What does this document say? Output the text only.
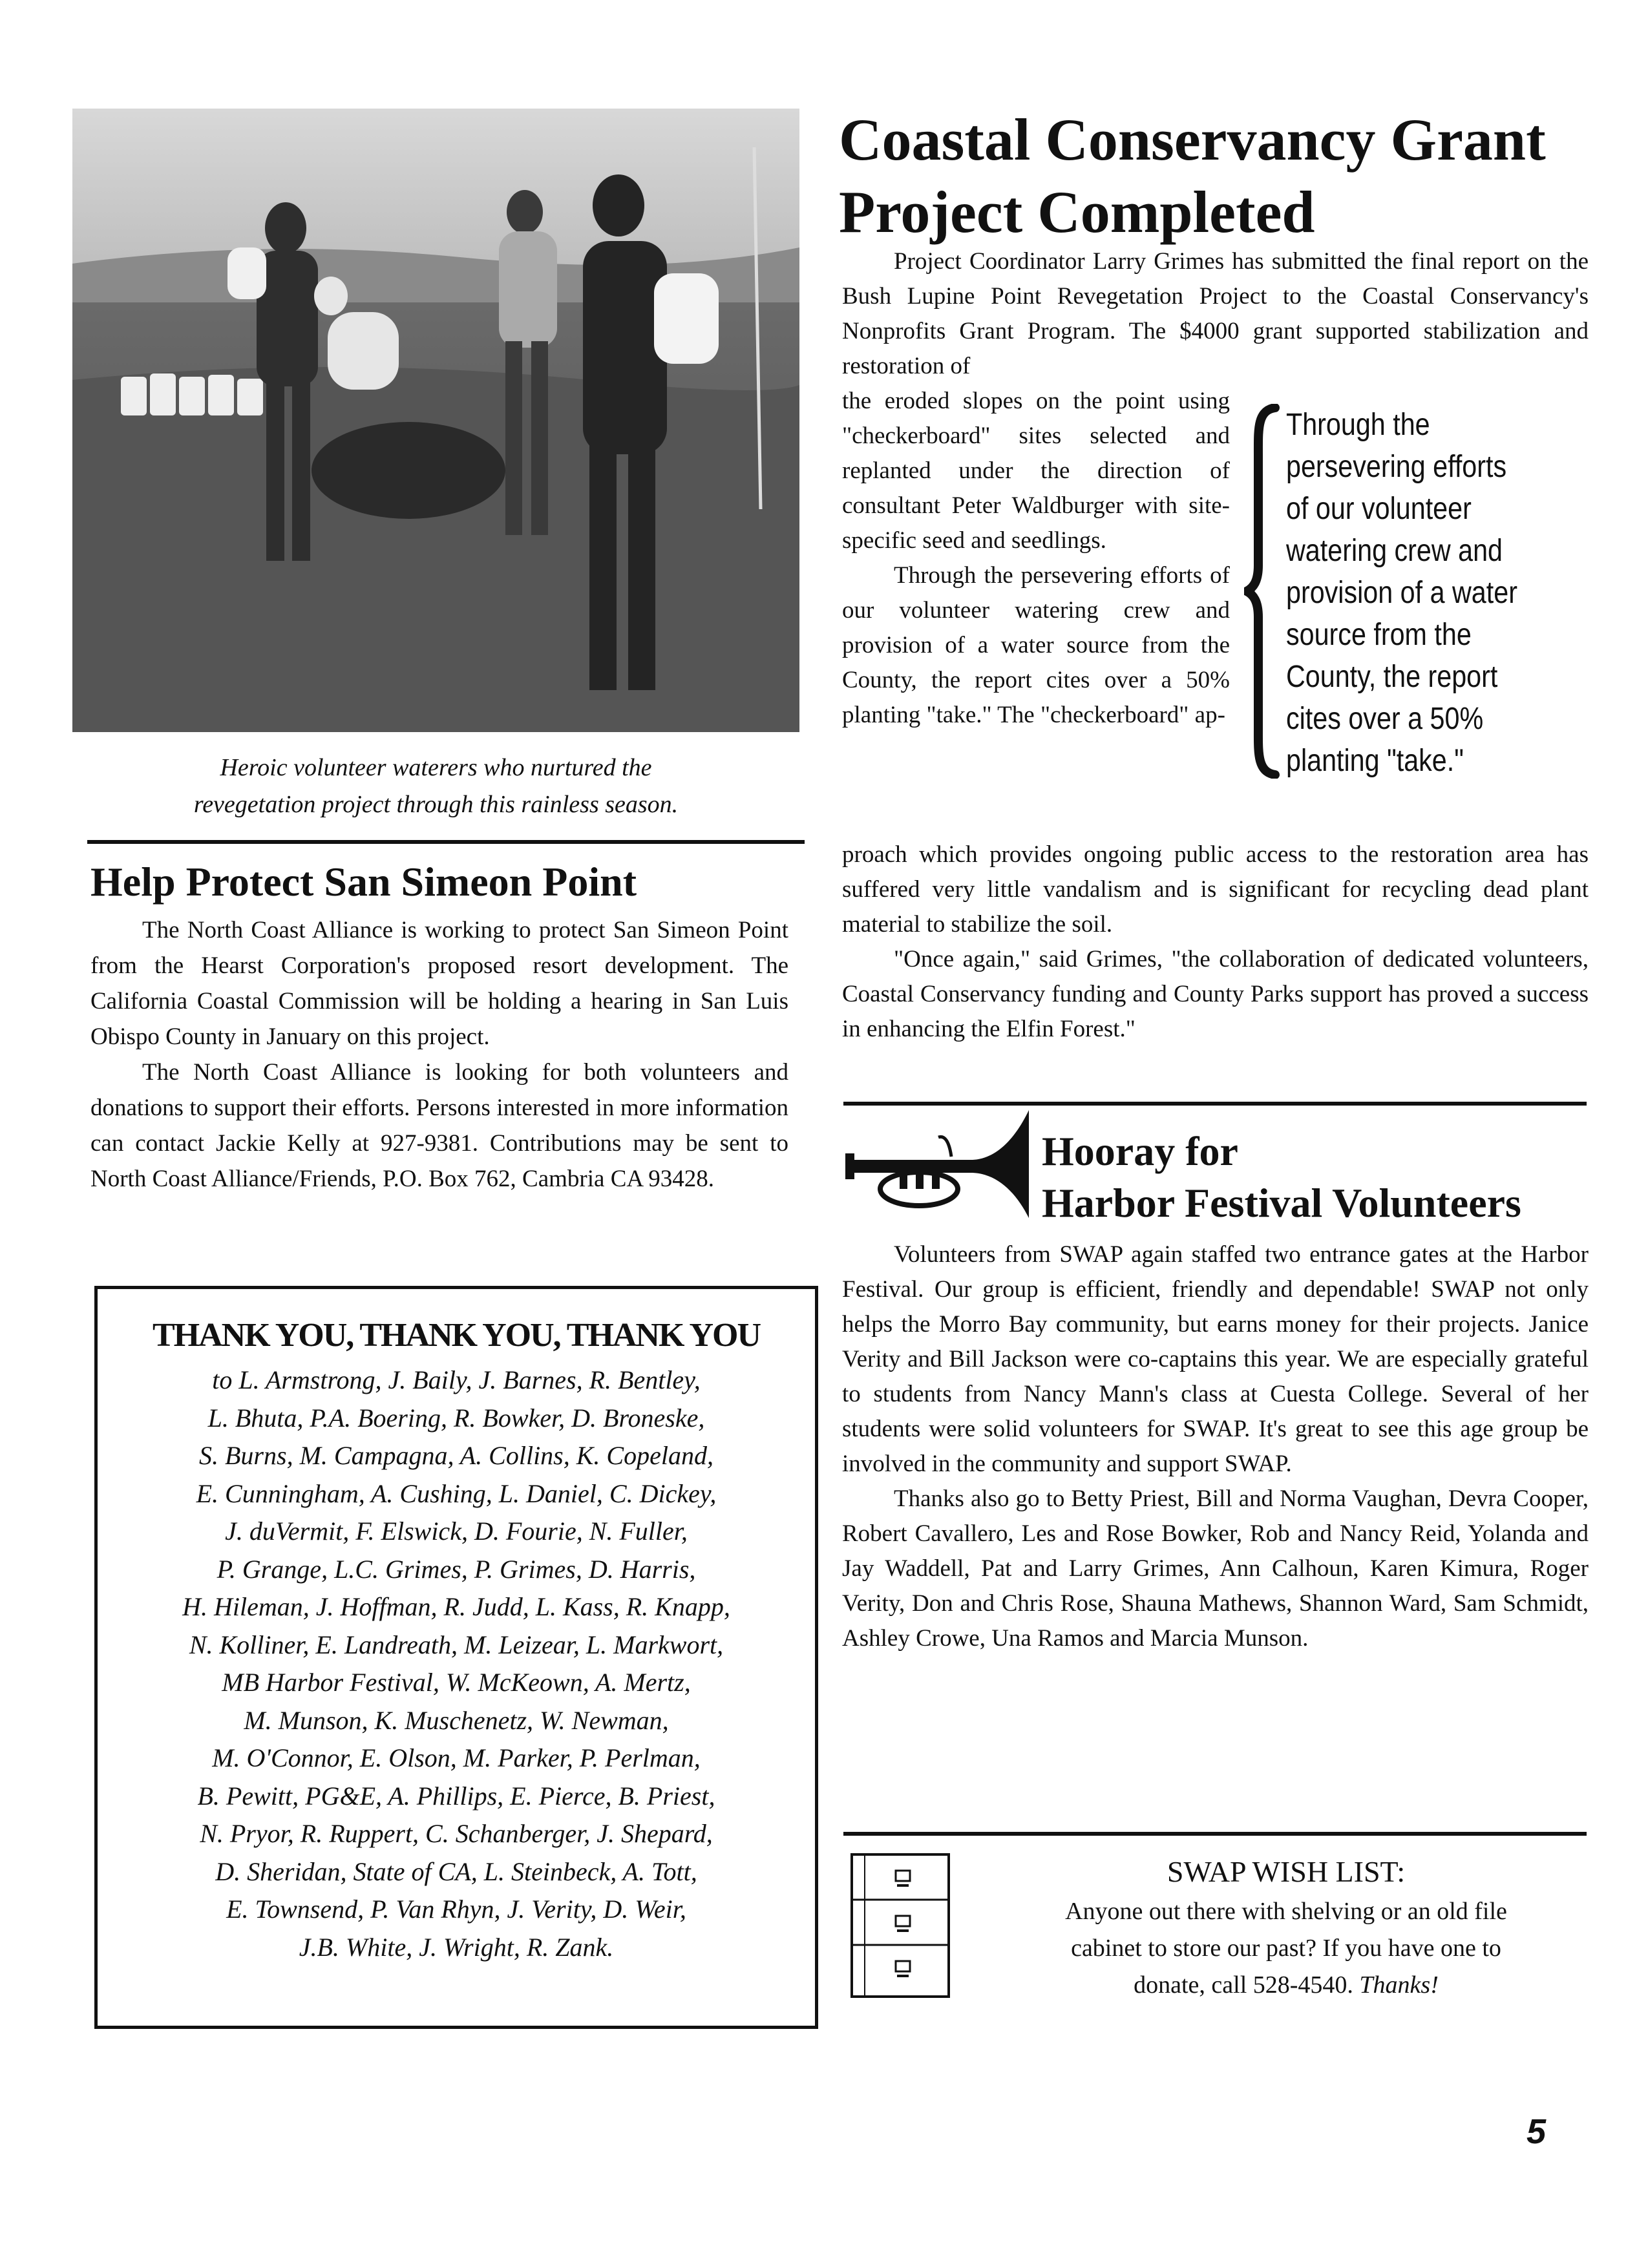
Heroic volunteer waterers who nurtured the
revegetation project through this rainless season.
Help Protect San Simeon Point

The North Coast Alliance is working to protect San Simeon Point from the Hearst Corporation's proposed resort development. The California Coastal Commission will be holding a hearing in San Luis Obispo County in January on this project.

The North Coast Alliance is looking for both volunteers and donations to support their efforts. Persons interested in more information can contact Jackie Kelly at 927-9381. Contributions may be sent to North Coast Alliance/Friends, P.O. Box 762, Cambria CA 93428.

THANK YOU, THANK YOU, THANK YOU
to L. Armstrong, J. Baily, J. Barnes, R. Bentley,
L. Bhuta, P.A. Boering, R. Bowker, D. Broneske,
S. Burns, M. Campagna, A. Collins, K. Copeland,
E. Cunningham, A. Cushing, L. Daniel, C. Dickey,
J. duVermit, F. Elswick, D. Fourie, N. Fuller,
P. Grange, L.C. Grimes, P. Grimes, D. Harris,
H. Hileman, J. Hoffman, R. Judd, L. Kass, R. Knapp,
N. Kolliner, E. Landreath, M. Leizear, L. Markwort,
MB Harbor Festival, W. McKeown, A. Mertz,
M. Munson, K. Muschenetz, W. Newman,
M. O'Connor, E. Olson, M. Parker, P. Perlman,
B. Pewitt, PG&E, A. Phillips, E. Pierce, B. Priest,
N. Pryor, R. Ruppert, C. Schanberger, J. Shepard,
D. Sheridan, State of CA, L. Steinbeck, A. Tott,
E. Townsend, P. Van Rhyn, J. Verity, D. Weir,
J.B. White, J. Wright, R. Zank.
Coastal Conservancy Grant
Project Completed

Project Coordinator Larry Grimes has submitted the final report on the Bush Lupine Point Revegetation Project to the Coastal Conservancy's Nonprofits Grant Program. The $4000 grant supported stabilization and restoration of

the eroded slopes on the point using "checkerboard" sites selected and replanted under the direction of consultant Peter Waldburger with site-specific seed and seedlings.

Through the persevering efforts of our volunteer watering crew and provision of a water source from the County, the report cites over a 50% planting "take." The "checkerboard" ap-

proach which provides ongoing public access to the restoration area has suffered very little vandalism and is significant for recycling dead plant material to stabilize the soil.

"Once again," said Grimes, "the collaboration of dedicated volunteers, Coastal Conservancy funding and County Parks support has proved a success in enhancing the Elfin Forest."

Through the persevering efforts of our volunteer watering crew and provision of a water source from the County, the report cites over a 50% planting "take."
Hooray for
Harbor Festival Volunteers

Volunteers from SWAP again staffed two entrance gates at the Harbor Festival. Our group is efficient, friendly and dependable! SWAP not only helps the Morro Bay community, but earns money for their projects. Janice Verity and Bill Jackson were co-captains this year. We are especially grateful to students from Nancy Mann's class at Cuesta College. Several of her students were solid volunteers for SWAP. It's great to see this age group be involved in the community and support SWAP.

Thanks also go to Betty Priest, Bill and Norma Vaughan, Devra Cooper, Robert Cavallero, Les and Rose Bowker, Rob and Nancy Reid, Yolanda and Jay Waddell, Pat and Larry Grimes, Ann Calhoun, Karen Kimura, Roger Verity, Don and Chris Rose, Shauna Mathews, Shannon Ward, Sam Schmidt, Ashley Crowe, Una Ramos and Marcia Munson.

SWAP WISH LIST:
Anyone out there with shelving or an old file
cabinet to store our past? If you have one to
donate, call 528-4540. Thanks!
5
